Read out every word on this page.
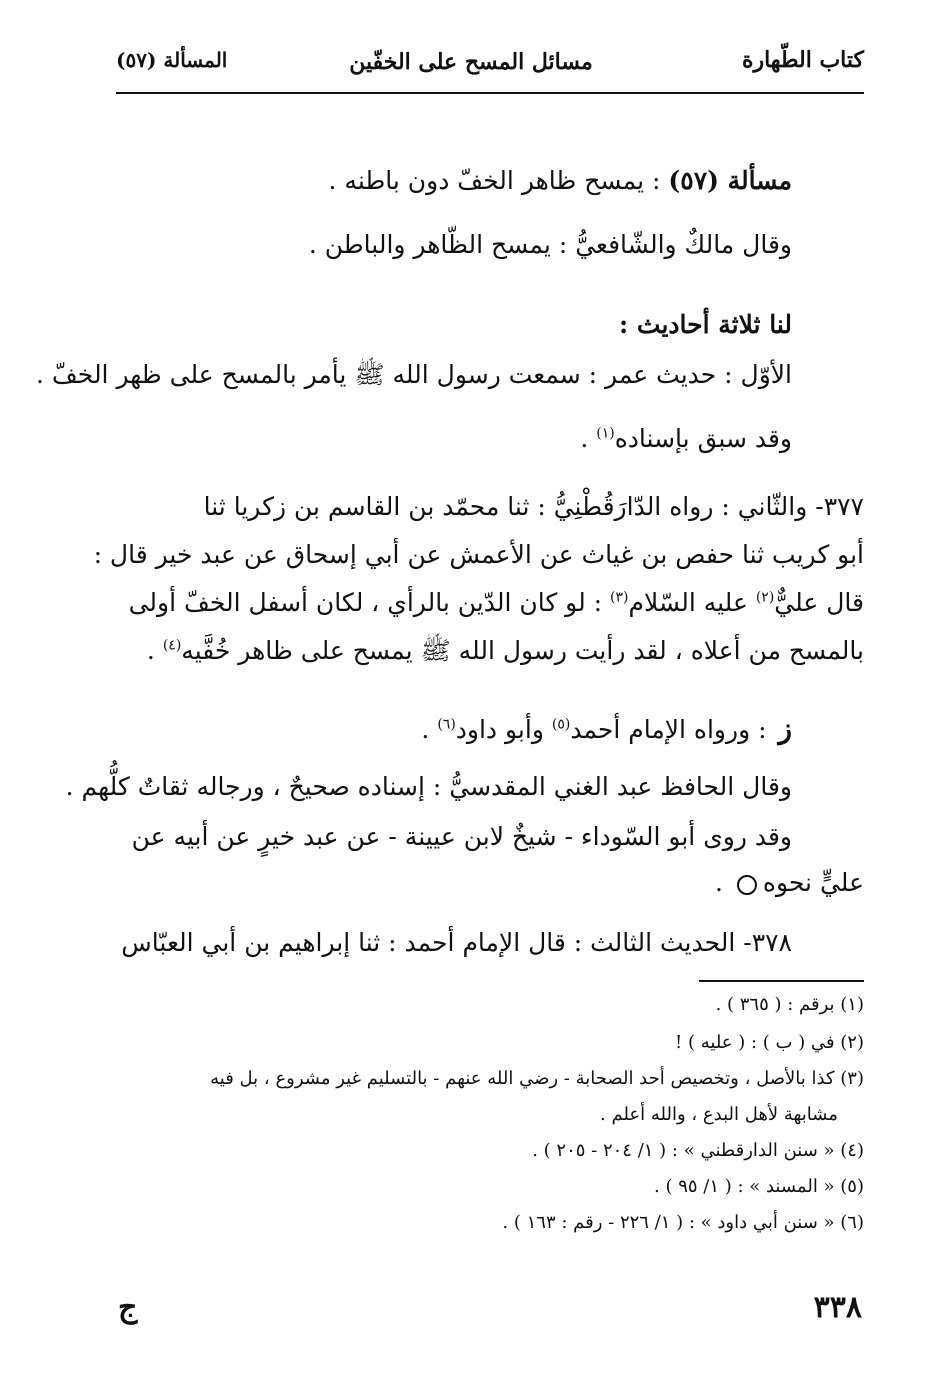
كتاب الطّهارة
مسائل المسح على الخفّين
المسألة (٥٧)
مسألة (٥٧) : يمسح ظاهر الخفّ دون باطنه .
وقال مالكٌ والشّافعيُّ : يمسح الظّاهر والباطن .
لنا ثلاثة أحاديث :
الأوّل : حديث عمر : سمعت رسول الله ﷺ يأمر بالمسح على ظهر الخفّ .
وقد سبق بإسناده$^{(١)}$ .
٣٧٧- والثّاني : رواه الدّارَقُطْنِيُّ : ثنا محمّد بن القاسم بن زكريا ثنا
أبو كريب ثنا حفص بن غياث عن الأعمش عن أبي إسحاق عن عبد خير قال :
قال عليٌّ$^{(٢)}$ عليه السّلام$^{(٣)}$ : لو كان الدّين بالرأي ، لكان أسفل الخفّ أولى
بالمسح من أعلاه ، لقد رأيت رسول الله ﷺ يمسح على ظاهر خُفَّيه$^{(٤)}$ .
ز : ورواه الإمام أحمد$^{(٥)}$ وأبو داود$^{(٦)}$ .
وقال الحافظ عبد الغني المقدسيُّ : إسناده صحيحٌ ، ورجاله ثقاتٌ كلُّهم .
وقد روى أبو السّوداء - شيخٌ لابن عيينة - عن عبد خيرٍ عن أبيه عن
عليٍّ نحوه .
٣٧٨- الحديث الثالث : قال الإمام أحمد : ثنا إبراهيم بن أبي العبّاس
(١) برقم : ( ٣٦٥ ) .
(٢) في ( ب ) : ( عليه ) !
(٣) كذا بالأصل ، وتخصيص أحد الصحابة - رضي الله عنهم - بالتسليم غير مشروع ، بل فيه
مشابهة لأهل البدع ، والله أعلم .
(٤) « سنن الدارقطني » : ( ١/ ٢٠٤ - ٢٠٥ ) .
(٥) « المسند » : ( ١/ ٩٥ ) .
(٦) « سنن أبي داود » : ( ١/ ٢٢٦ - رقم : ١٦٣ ) .
٣٣٨
ج
